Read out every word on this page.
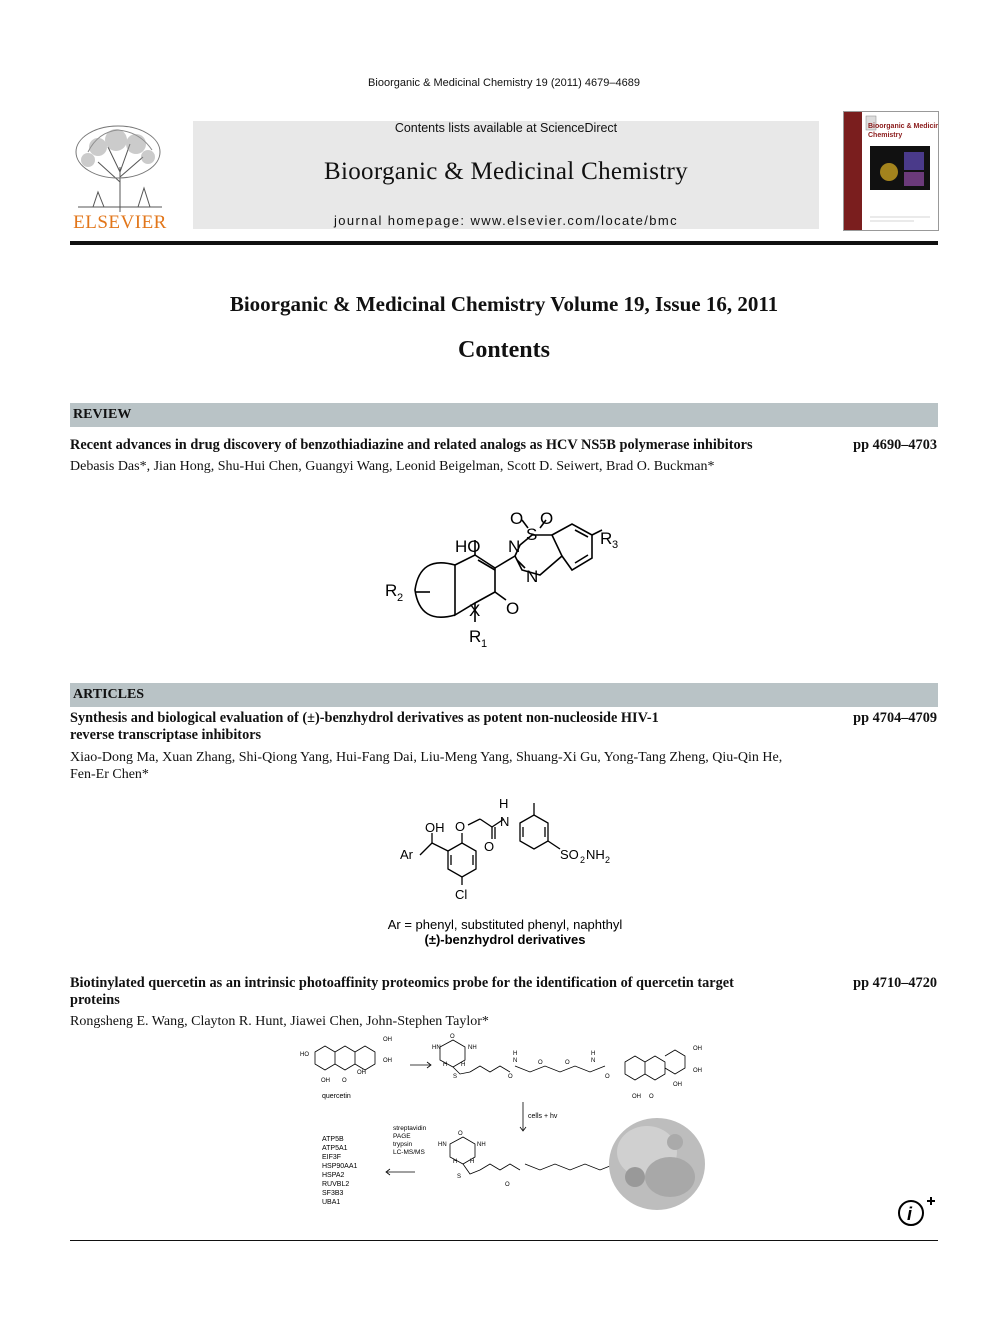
Bioorganic & Medicinal Chemistry 19 (2011) 4679–4689
ELSEVIER
Contents lists available at ScienceDirect
Bioorganic & Medicinal Chemistry
journal homepage: www.elsevier.com/locate/bmc
Bioorganic & Medicinal
Chemistry
Bioorganic & Medicinal Chemistry Volume 19, Issue 16, 2011
Contents
REVIEW
Recent advances in drug discovery of benzothiadiazine and related analogs as HCV NS5B polymerase inhibitors	pp 4690–4703
Debasis Das*, Jian Hong, Shu-Hui Chen, Guangyi Wang, Leonid Beigelman, Scott D. Seiwert, Brad O. Buckman*
HO
O
S
O
N
N
R 3
R 2
X O
R 1
ARTICLES
Synthesis and biological evaluation of (±)-benzhydrol derivatives as potent non-nucleoside HIV-1
reverse transcriptase inhibitors
pp 4704–4709
Xiao-Dong Ma, Xuan Zhang, Shi-Qiong Yang, Hui-Fang Dai, Liu-Meng Yang, Shuang-Xi Gu, Yong-Tang Zheng, Qiu-Qin He,
Fen-Er Chen*
OH O
H
N
O
Ar	SO 2 NH 2
Cl
Ar = phenyl, substituted phenyl, naphthyl
(±)-benzhydrol derivatives
Biotinylated quercetin as an intrinsic photoaffinity proteomics probe for the identification of quercetin target
proteins
pp 4710–4720
Rongsheng E. Wang, Clayton R. Hunt, Jiawei Chen, John-Stephen Taylor*
quercetin
cells + hv
streptavidin
PAGE
trypsin
LC-MS/MS
ATP5B
ATP5A1
EIF3F
HSP90AA1
HSPA2
RUVBL2
SF3B3
UBA1
OH
HO
OH
OH
O
OH
OH
O
N
H
N
H
O	O
O
OH
OH O
OH
O
HN	NH
H H
S
O
HN	NH
H H
S
O
i
